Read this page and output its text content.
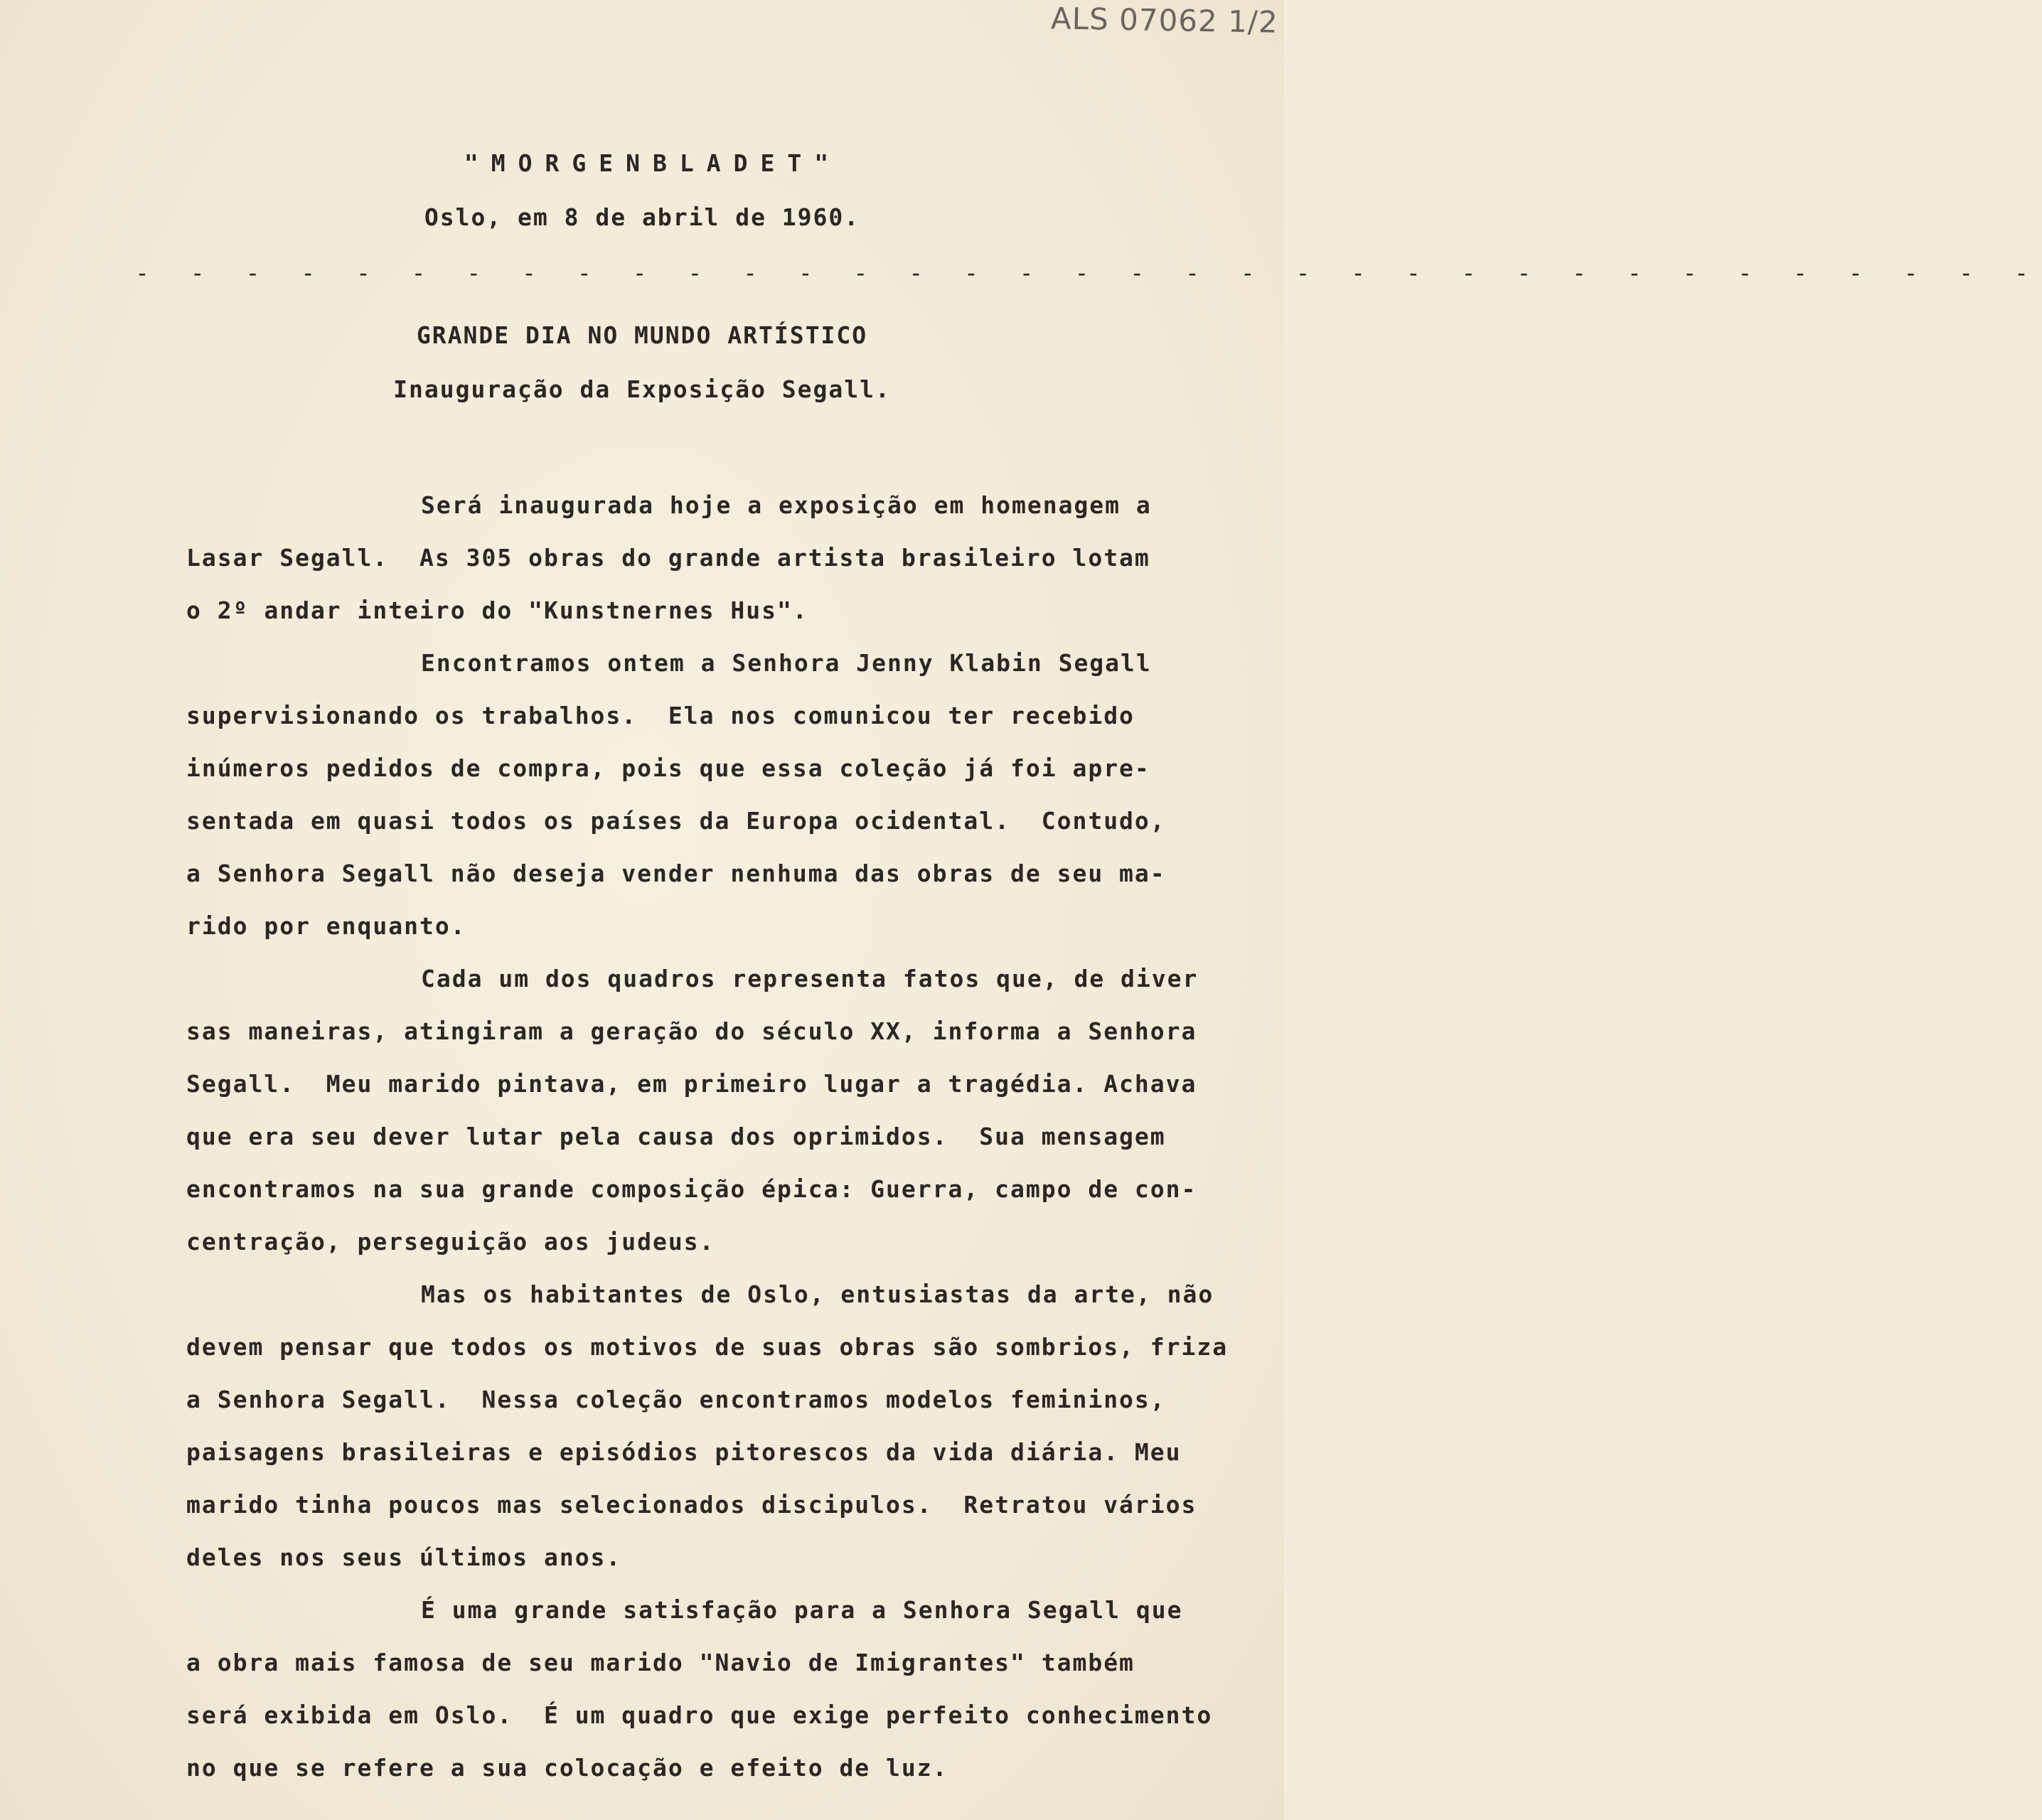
ALS 07062 1/2
"MORGENBLADET"
Oslo, em 8 de abril de 1960.
- - - - - - - - - - - - - - - - - - - - - - - - - - - - - - - - - - -
GRANDE DIA NO MUNDO ARTÍSTICO
Inauguração da Exposição Segall.
Será inaugurada hoje a exposição em homenagem a
Lasar Segall.  As 305 obras do grande artista brasileiro lotam
o 2º andar inteiro do "Kunstnernes Hus".
Encontramos ontem a Senhora Jenny Klabin Segall
supervisionando os trabalhos.  Ela nos comunicou ter recebido
inúmeros pedidos de compra, pois que essa coleção já foi apre-
sentada em quasi todos os países da Europa ocidental.  Contudo,
a Senhora Segall não deseja vender nenhuma das obras de seu ma-
rido por enquanto.
Cada um dos quadros representa fatos que, de diver
sas maneiras, atingiram a geração do século XX, informa a Senhora
Segall.  Meu marido pintava, em primeiro lugar a tragédia. Achava
que era seu dever lutar pela causa dos oprimidos.  Sua mensagem
encontramos na sua grande composição épica: Guerra, campo de con-
centração, perseguição aos judeus.
Mas os habitantes de Oslo, entusiastas da arte, não
devem pensar que todos os motivos de suas obras são sombrios, friza
a Senhora Segall.  Nessa coleção encontramos modelos femininos,
paisagens brasileiras e episódios pitorescos da vida diária. Meu
marido tinha poucos mas selecionados discipulos.  Retratou vários
deles nos seus últimos anos.
É uma grande satisfação para a Senhora Segall que
a obra mais famosa de seu marido "Navio de Imigrantes" também
será exibida em Oslo.  É um quadro que exige perfeito conhecimento
no que se refere a sua colocação e efeito de luz.
